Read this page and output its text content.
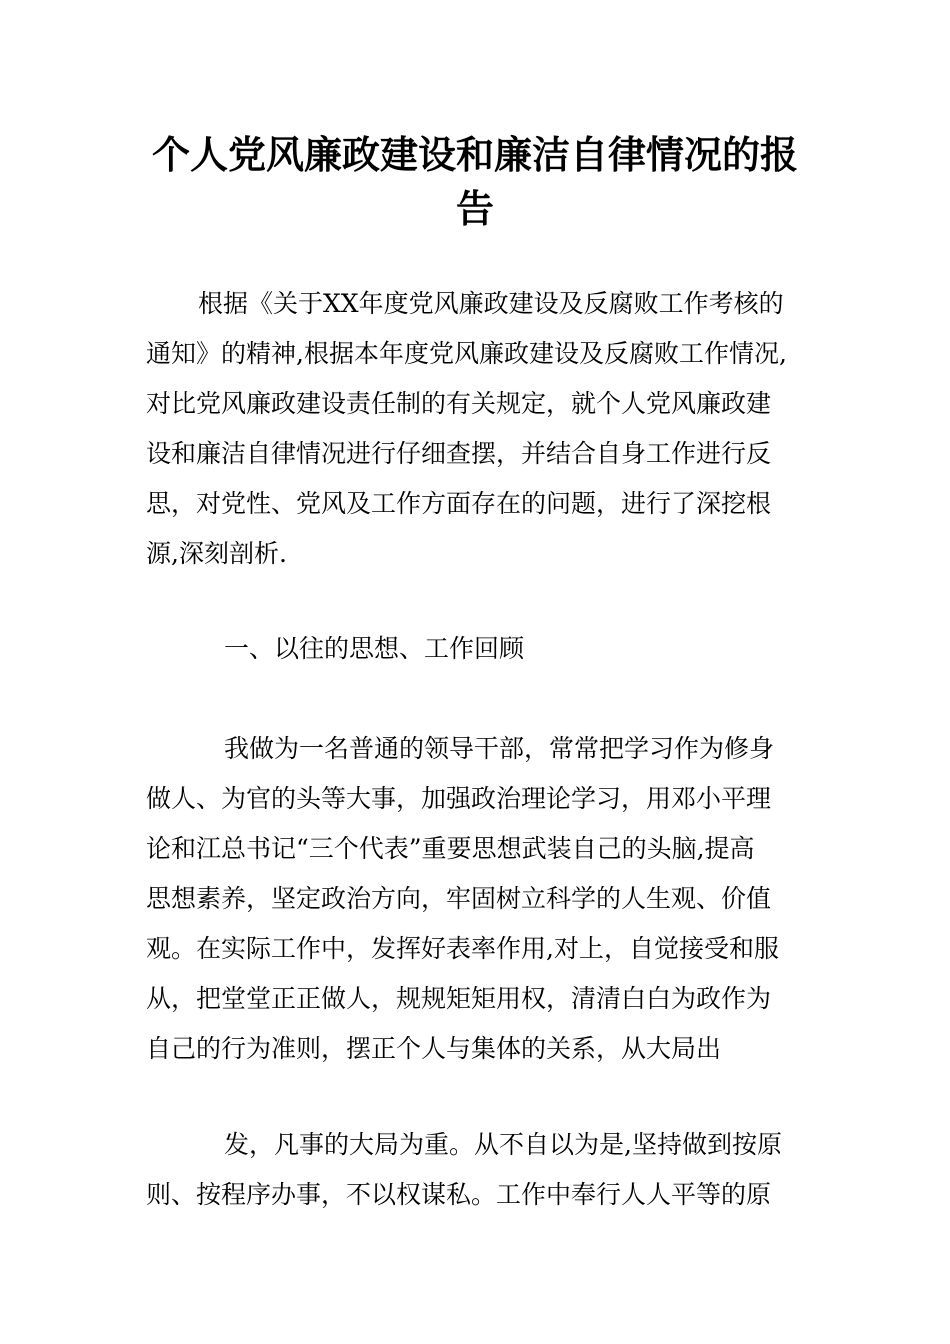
个人党风廉政建设和廉洁自律情况的报
告
根据《关于XX年度党风廉政建设及反腐败工作考核的
通知》的精神,根据本年度党风廉政建设及反腐败工作情况,
对比党风廉政建设责任制的有关规定，就个人党风廉政建
设和廉洁自律情况进行仔细查摆，并结合自身工作进行反
思，对党性、党风及工作方面存在的问题，进行了深挖根
源,深刻剖析.
一、以往的思想、工作回顾
我做为一名普通的领导干部，常常把学习作为修身
做人、为官的头等大事，加强政治理论学习，用邓小平理
论和江总书记“三个代表”重要思想武装自己的头脑,提高
思想素养，坚定政治方向，牢固树立科学的人生观、价值
观。在实际工作中，发挥好表率作用,对上，自觉接受和服
从，把堂堂正正做人，规规矩矩用权，清清白白为政作为
自己的行为准则，摆正个人与集体的关系，从大局出
发，凡事的大局为重。从不自以为是,坚持做到按原
则、按程序办事，不以权谋私。工作中奉行人人平等的原
